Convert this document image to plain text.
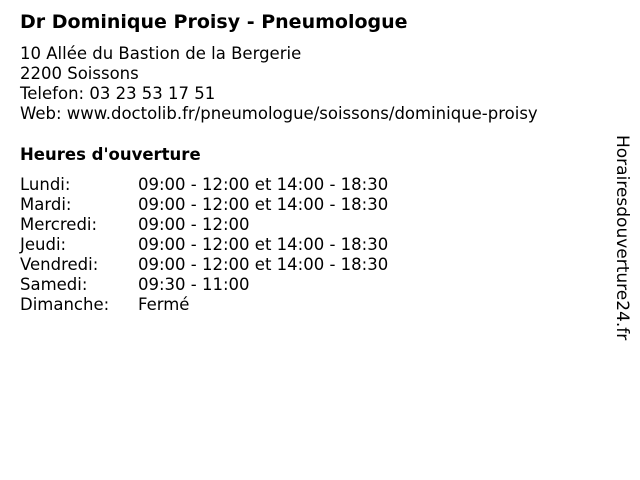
Dr Dominique Proisy - Pneumologue
10 Allée du Bastion de la Bergerie
2200 Soissons
Telefon: 03 23 53 17 51
Web: www.doctolib.fr/pneumologue/soissons/dominique-proisy
Heures d'ouverture
Lundi:	09:00 - 12:00 et 14:00 - 18:30
Mardi:	09:00 - 12:00 et 14:00 - 18:30
Mercredi:	09:00 - 12:00
Jeudi:	09:00 - 12:00 et 14:00 - 18:30
Vendredi:	09:00 - 12:00 et 14:00 - 18:30
Samedi:	09:30 - 11:00
Dimanche:	Fermé	Horairesdouverture24.fr
